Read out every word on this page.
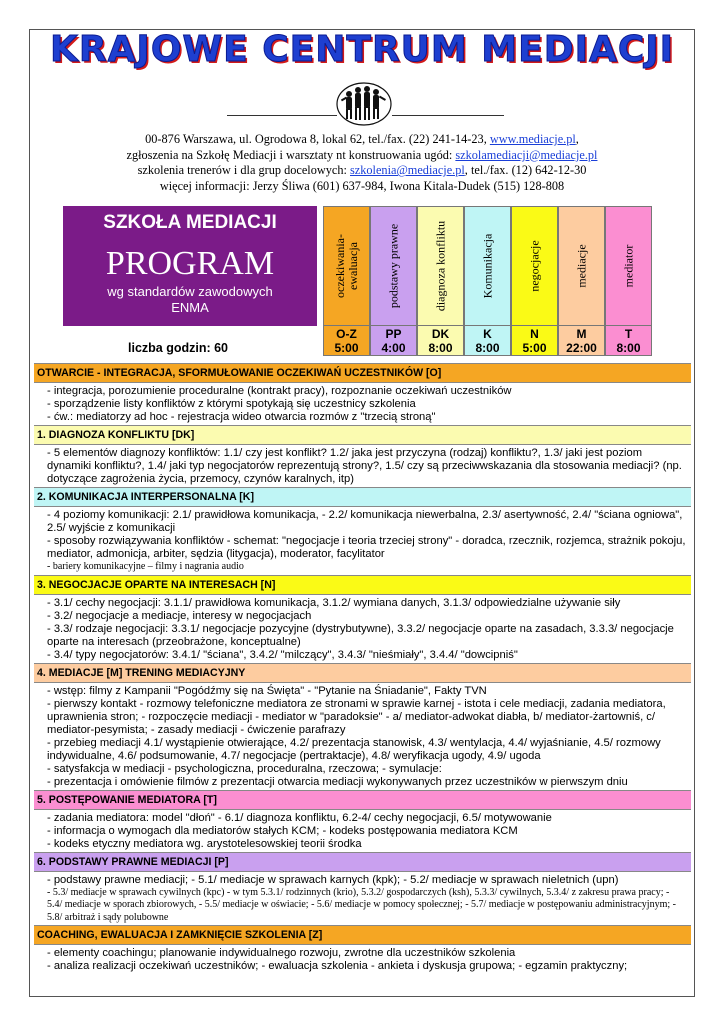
KRAJOWE CENTRUM MEDIACJI
00-876 Warszawa, ul. Ogrodowa 8, lokal 62, tel./fax. (22) 241-14-23, www.mediacje.pl,
zgłoszenia na Szkołę Mediacji i warsztaty nt konstruowania ugód: szkolamediacji@mediacje.pl
szkolenia trenerów i dla grup docelowych: szkolenia@mediacje.pl, tel./fax. (12) 642-12-30
więcej informacji: Jerzy Śliwa (601) 637-984, Iwona Kitala-Dudek (515) 128-808
SZKOŁA MEDIACJI
PROGRAM
wg standardów zawodowych
ENMA
liczba godzin: 60
oczekiwania- ewaluacja
O-Z
5:00
podstawy prawne
PP
4:00
diagnoza konfliktu
DK
8:00
Komunikacja
K
8:00
negocjacje
N
5:00
mediacje
M
22:00
mediator
T
8:00
OTWARCIE - INTEGRACJA, SFORMUŁOWANIE OCZEKIWAŃ UCZESTNIKÓW [O]
- integracja, porozumienie proceduralne (kontrakt pracy), rozpoznanie oczekiwań uczestników
- sporządzenie listy konfliktów z którymi spotykają się uczestnicy szkolenia
- ćw.: mediatorzy ad hoc - rejestracja wideo otwarcia rozmów z "trzecią stroną"
1. DIAGNOZA KONFLIKTU [DK]
- 5 elementów diagnozy konfliktów: 1.1/ czy jest konflikt? 1.2/ jaka jest przyczyna (rodzaj) konfliktu?, 1.3/ jaki jest poziom dynamiki konfliktu?, 1.4/ jaki typ negocjatorów reprezentują strony?, 1.5/ czy są przeciwwskazania dla stosowania mediacji? (np. dotyczące zagrożenia życia, przemocy, czynów karalnych, itp)
2. KOMUNIKACJA INTERPERSONALNA [K]
- 4 poziomy komunikacji: 2.1/ prawidłowa komunikacja, - 2.2/ komunikacja niewerbalna, 2.3/ asertywność, 2.4/ "ściana ogniowa", 2.5/ wyjście z komunikacji
- sposoby rozwiązywania konfliktów - schemat: "negocjacje i teoria trzeciej strony" - doradca, rzecznik, rozjemca, strażnik pokoju, mediator, admonicja, arbiter, sędzia (litygacja), moderator, facylitator
- bariery komunikacyjne – filmy i nagrania audio
3. NEGOCJACJE OPARTE NA INTERESACH [N]
- 3.1/ cechy negocjacji: 3.1.1/ prawidłowa komunikacja, 3.1.2/ wymiana danych, 3.1.3/ odpowiedzialne używanie siły
- 3.2/ negocjacje a mediacje, interesy w negocjacjach
- 3.3/ rodzaje negocjacji: 3.3.1/ negocjacje pozycyjne (dystrybutywne), 3.3.2/ negocjacje oparte na zasadach, 3.3.3/ negocjacje oparte na interesach (przeobrażone, konceptualne)
- 3.4/ typy negocjatorów: 3.4.1/ "ściana", 3.4.2/ "milczący", 3.4.3/ "nieśmiały", 3.4.4/ "dowcipniś"
4. MEDIACJE [M] TRENING MEDIACYJNY
- wstęp: filmy z Kampanii "Pogódźmy się na Święta" - "Pytanie na Śniadanie", Fakty TVN
- pierwszy kontakt - rozmowy telefoniczne mediatora ze stronami w sprawie karnej - istota i cele mediacji, zadania mediatora, uprawnienia stron; - rozpoczęcie mediacji - mediator w "paradoksie" - a/ mediator-adwokat diabła, b/ mediator-żartowniś, c/ mediator-pesymista; - zasady mediacji - ćwiczenie parafrazy
- przebieg mediacji 4.1/ wystąpienie otwierające, 4.2/ prezentacja stanowisk, 4.3/ wentylacja, 4.4/ wyjaśnianie, 4.5/ rozmowy indywidualne, 4.6/ podsumowanie, 4.7/ negocjacje (pertraktacje), 4.8/ weryfikacja ugody, 4.9/ ugoda
- satysfakcja w mediacji - psychologiczna, proceduralna, rzeczowa; - symulacje:
- prezentacja i omówienie filmów z prezentacji otwarcia mediacji wykonywanych przez uczestników w pierwszym dniu
5. POSTĘPOWANIE MEDIATORA [T]
- zadania mediatora: model "dłoń" - 6.1/ diagnoza konfliktu, 6.2-4/ cechy negocjacji, 6.5/ motywowanie
- informacja o wymogach dla mediatorów stałych KCM; - kodeks postępowania mediatora KCM
- kodeks etyczny mediatora wg. arystotelesowskiej teorii środka
6. PODSTAWY PRAWNE MEDIACJI [P]
- podstawy prawne mediacji; - 5.1/ mediacje w sprawach karnych (kpk); - 5.2/ mediacje w sprawach nieletnich (upn)
- 5.3/ mediacje w sprawach cywilnych (kpc) - w tym 5.3.1/ rodzinnych (krio), 5.3.2/ gospodarczych (ksh), 5.3.3/ cywilnych, 5.3.4/ z zakresu prawa pracy; - 5.4/ mediacje w sporach zbiorowych, - 5.5/ mediacje w oświacie; - 5.6/ mediacje w pomocy społecznej; - 5.7/ mediacje w postępowaniu administracyjnym; - 5.8/ arbitraż i sądy polubowne
COACHING, EWALUACJA I ZAMKNIĘCIE SZKOLENIA [Z]
- elementy coachingu; planowanie indywidualnego rozwoju, zwrotne dla uczestników szkolenia
- analiza realizacji oczekiwań uczestników; - ewaluacja szkolenia - ankieta i dyskusja grupowa; - egzamin praktyczny;
